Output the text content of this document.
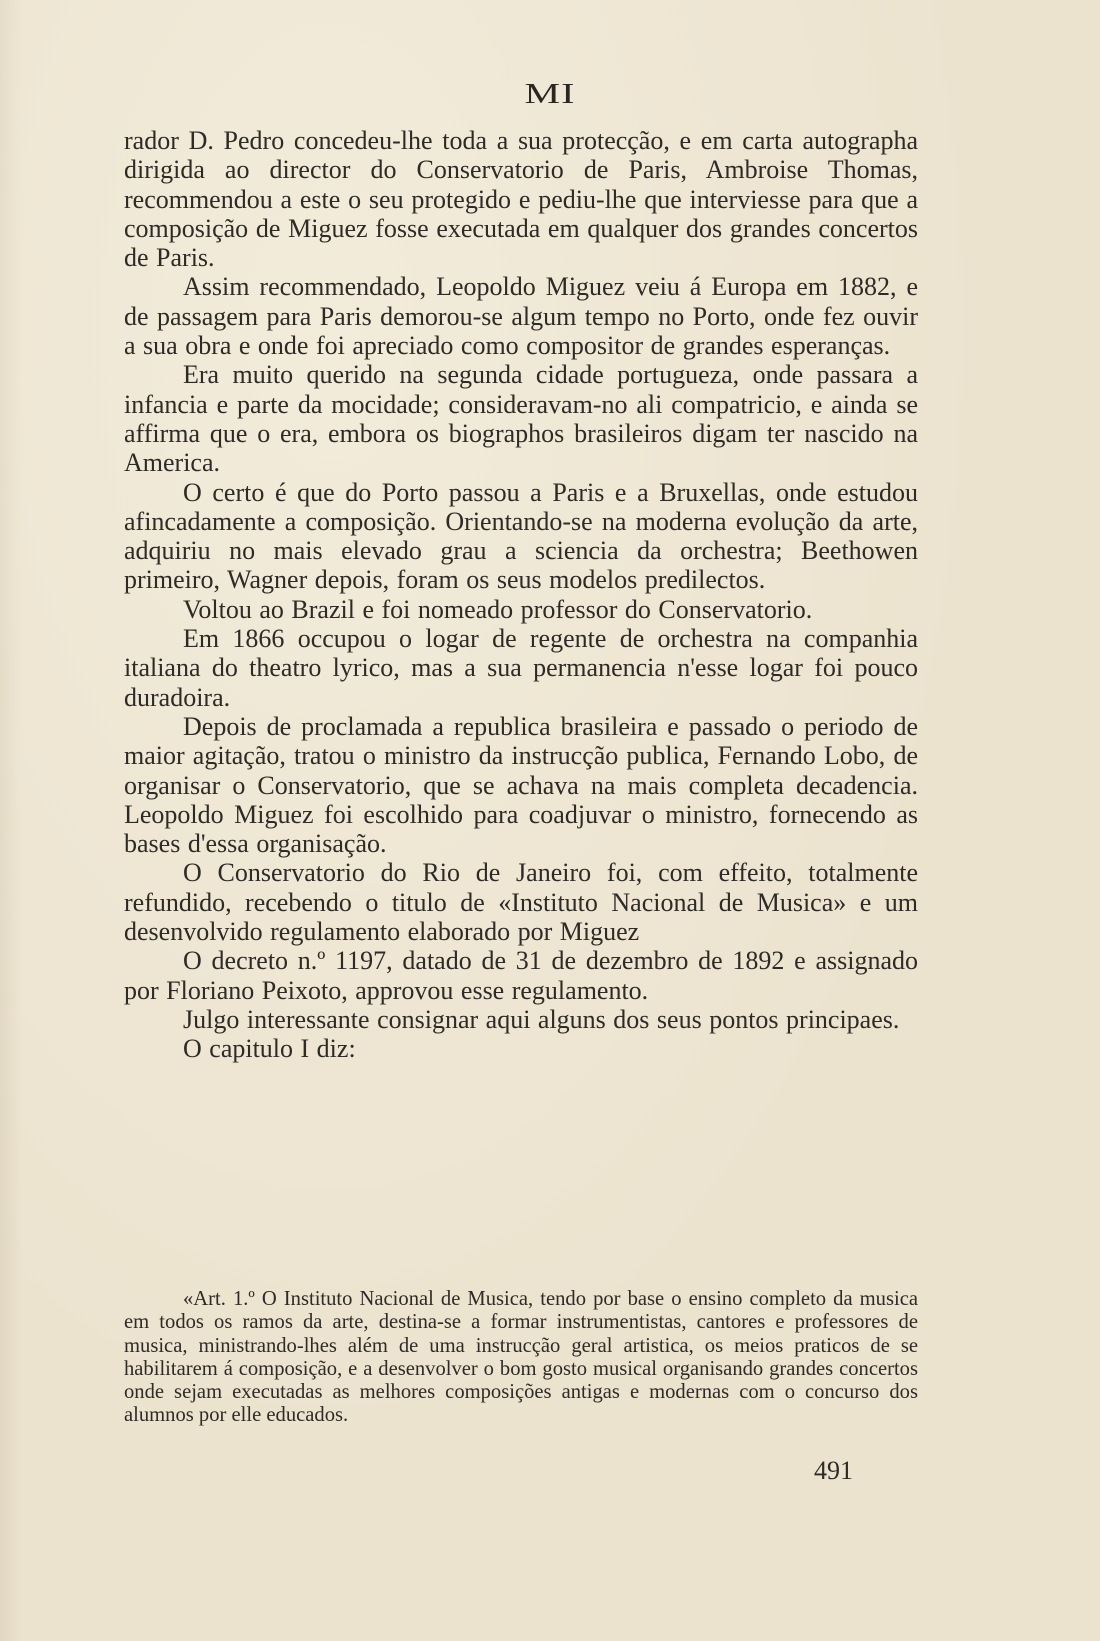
MI

rador D. Pedro concedeu-lhe toda a sua protecção, e em carta autographa dirigida ao director do Conservatorio de Paris, Ambroise Thomas, recommendou a este o seu protegido e pediu-lhe que interviesse para que a composição de Miguez fosse executada em qualquer dos grandes concertos de Paris.

Assim recommendado, Leopoldo Miguez veiu á Europa em 1882, e de passagem para Paris demorou-se algum tempo no Porto, onde fez ouvir a sua obra e onde foi apreciado como compositor de grandes esperanças.

Era muito querido na segunda cidade portugueza, onde passara a infancia e parte da mocidade; consideravam-no ali compatricio, e ainda se affirma que o era, embora os biographos brasileiros digam ter nascido na America.

O certo é que do Porto passou a Paris e a Bruxellas, onde estudou afincadamente a composição. Orientando-se na moderna evolução da arte, adquiriu no mais elevado grau a sciencia da orchestra; Beethowen primeiro, Wagner depois, foram os seus modelos predilectos.

Voltou ao Brazil e foi nomeado professor do Conservatorio.

Em 1866 occupou o logar de regente de orchestra na companhia italiana do theatro lyrico, mas a sua permanencia n'esse logar foi pouco duradoira.

Depois de proclamada a republica brasileira e passado o periodo de maior agitação, tratou o ministro da instrucção publica, Fernando Lobo, de organisar o Conservatorio, que se achava na mais completa decadencia. Leopoldo Miguez foi escolhido para coadjuvar o ministro, fornecendo as bases d'essa organisação.

O Conservatorio do Rio de Janeiro foi, com effeito, totalmente refundido, recebendo o titulo de «Instituto Nacional de Musica» e um desenvolvido regulamento elaborado por Miguez

O decreto n.º 1197, datado de 31 de dezembro de 1892 e assignado por Floriano Peixoto, approvou esse regulamento.

Julgo interessante consignar aqui alguns dos seus pontos principaes.

O capitulo I diz:

«Art. 1.º O Instituto Nacional de Musica, tendo por base o ensino completo da musica em todos os ramos da arte, destina-se a formar instrumentistas, cantores e professores de musica, ministrando-lhes além de uma instrucção geral artistica, os meios praticos de se habilitarem á composição, e a desenvolver o bom gosto musical organisando grandes concertos onde sejam executadas as melhores composições antigas e modernas com o concurso dos alumnos por elle educados.

491
